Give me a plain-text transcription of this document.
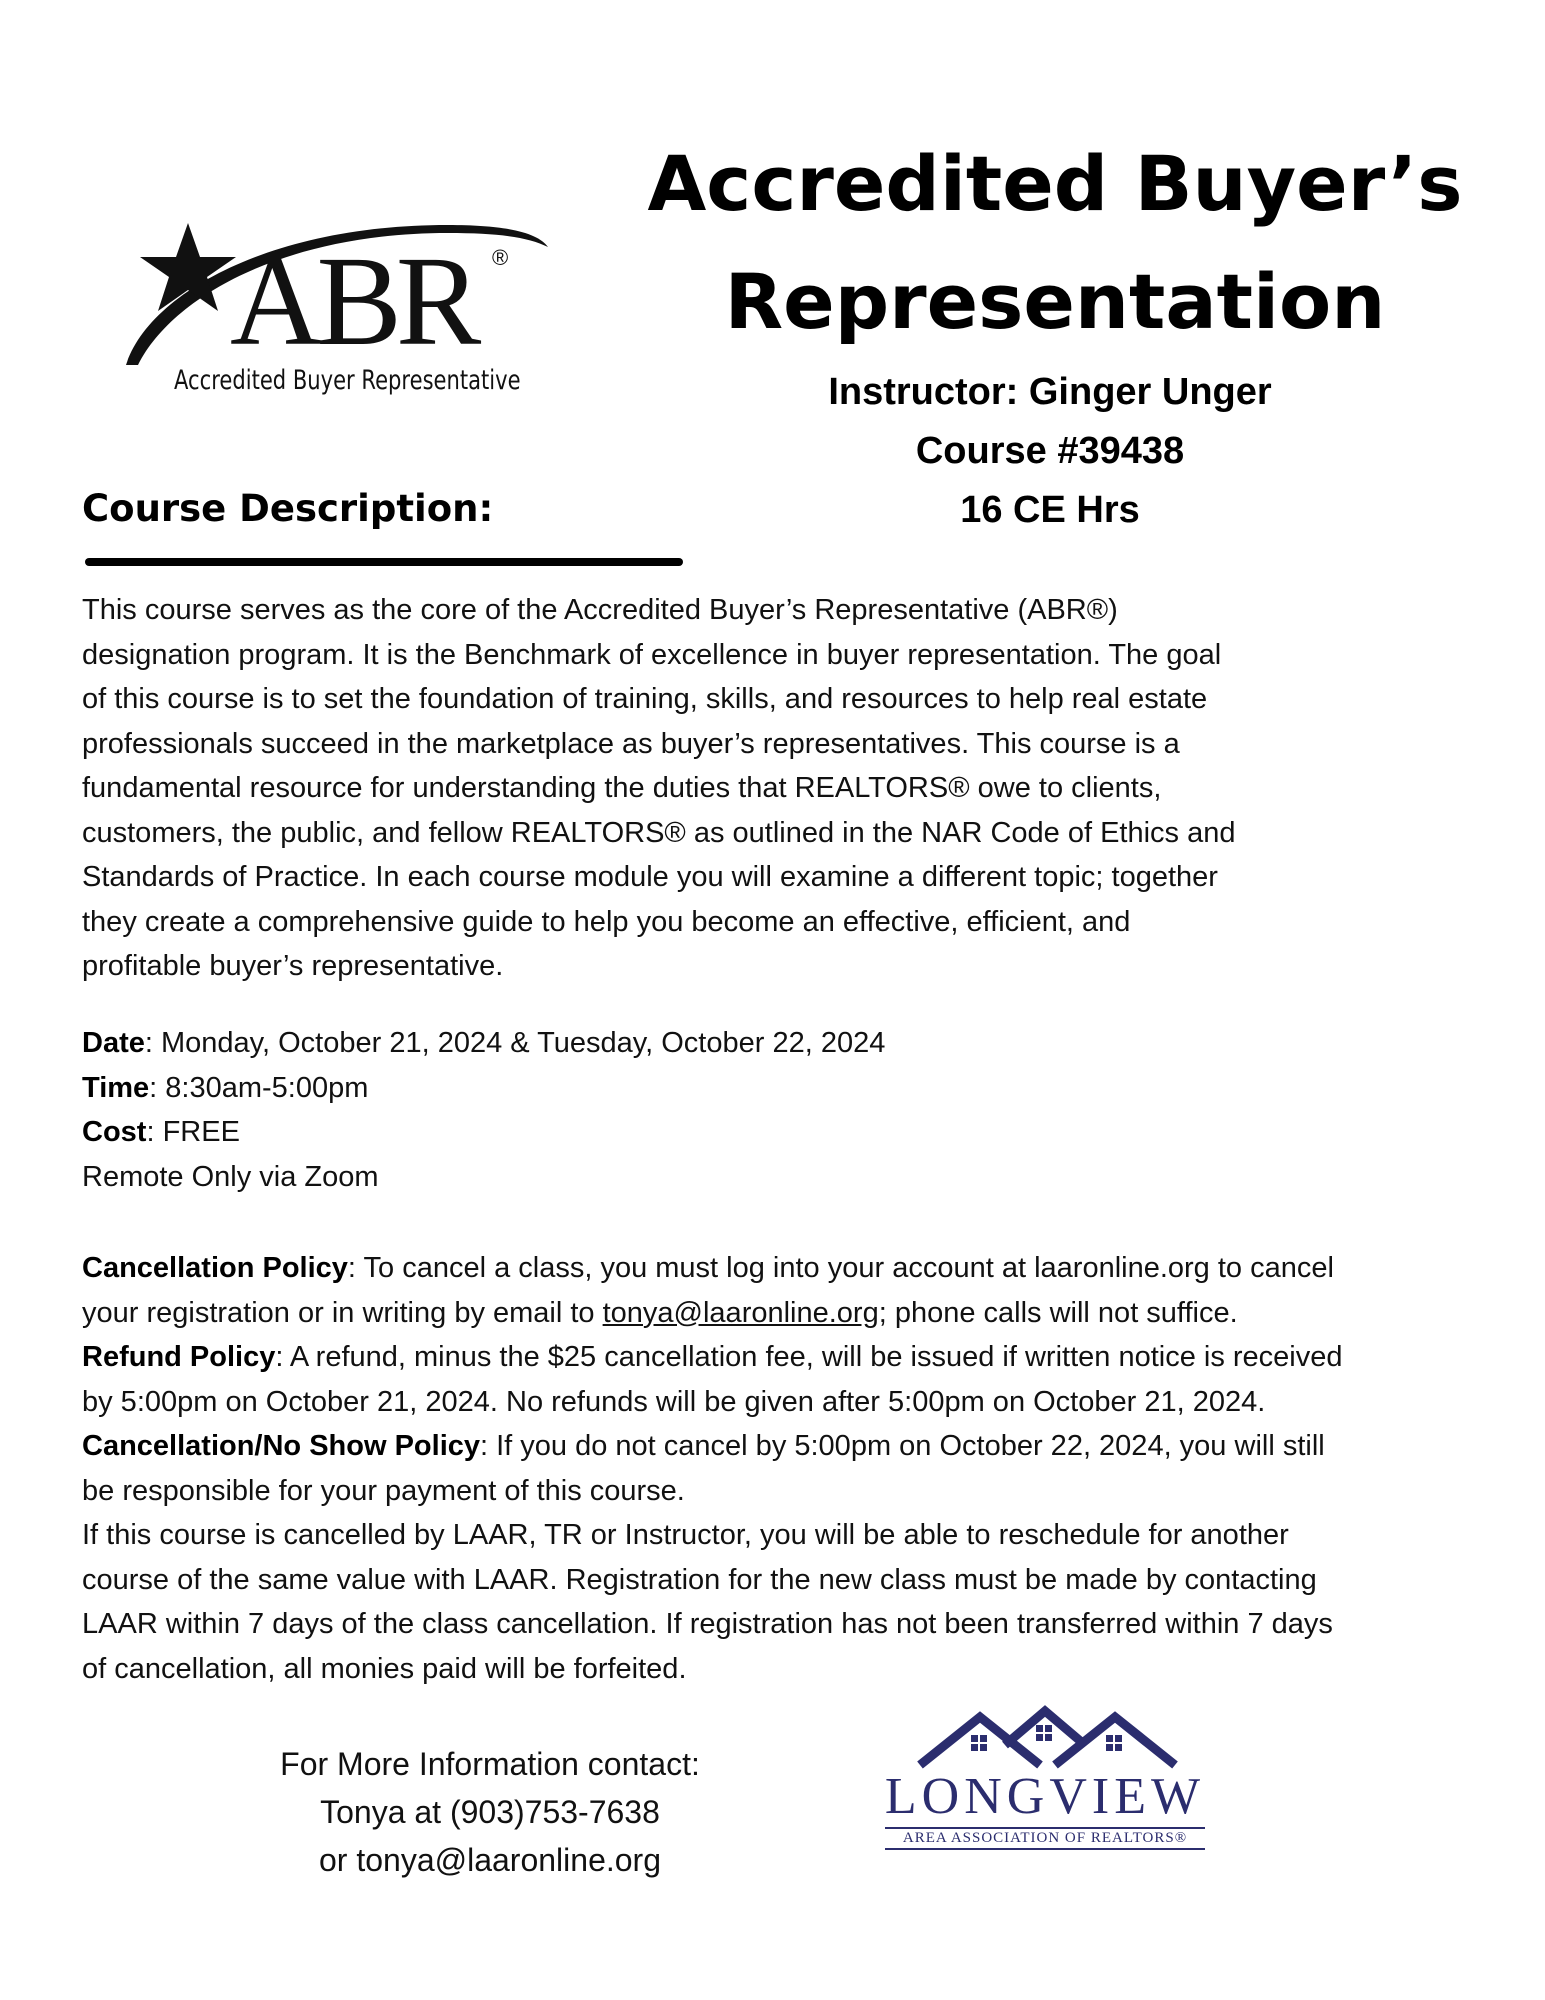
ABR ®
Accredited Buyer Representative
Accredited Buyer’s
Representation
Instructor: Ginger Unger
Course #39438
16 CE Hrs
Course Description:
This course serves as the core of the Accredited Buyer’s Representative (ABR®)
designation program. It is the Benchmark of excellence in buyer representation. The goal
of this course is to set the foundation of training, skills, and resources to help real estate
professionals succeed in the marketplace as buyer’s representatives. This course is a
fundamental resource for understanding the duties that REALTORS® owe to clients,
customers, the public, and fellow REALTORS® as outlined in the NAR Code of Ethics and
Standards of Practice. In each course module you will examine a different topic; together
they create a comprehensive guide to help you become an effective, efficient, and
profitable buyer’s representative.
Date: Monday, October 21, 2024 & Tuesday, October 22, 2024
Time: 8:30am-5:00pm
Cost: FREE
Remote Only via Zoom
Cancellation Policy: To cancel a class, you must log into your account at laaronline.org to cancel
your registration or in writing by email to tonya@laaronline.org; phone calls will not suffice.
Refund Policy: A refund, minus the $25 cancellation fee, will be issued if written notice is received
by 5:00pm on October 21, 2024. No refunds will be given after 5:00pm on October 21, 2024.
Cancellation/No Show Policy: If you do not cancel by 5:00pm on October 22, 2024, you will still
be responsible for your payment of this course.
If this course is cancelled by LAAR, TR or Instructor, you will be able to reschedule for another
course of the same value with LAAR. Registration for the new class must be made by contacting
LAAR within 7 days of the class cancellation. If registration has not been transferred within 7 days
of cancellation, all monies paid will be forfeited.
For More Information contact:
Tonya at (903)753-7638
or tonya@laaronline.org
LONGVIEW
AREA ASSOCIATION OF REALTORS®
